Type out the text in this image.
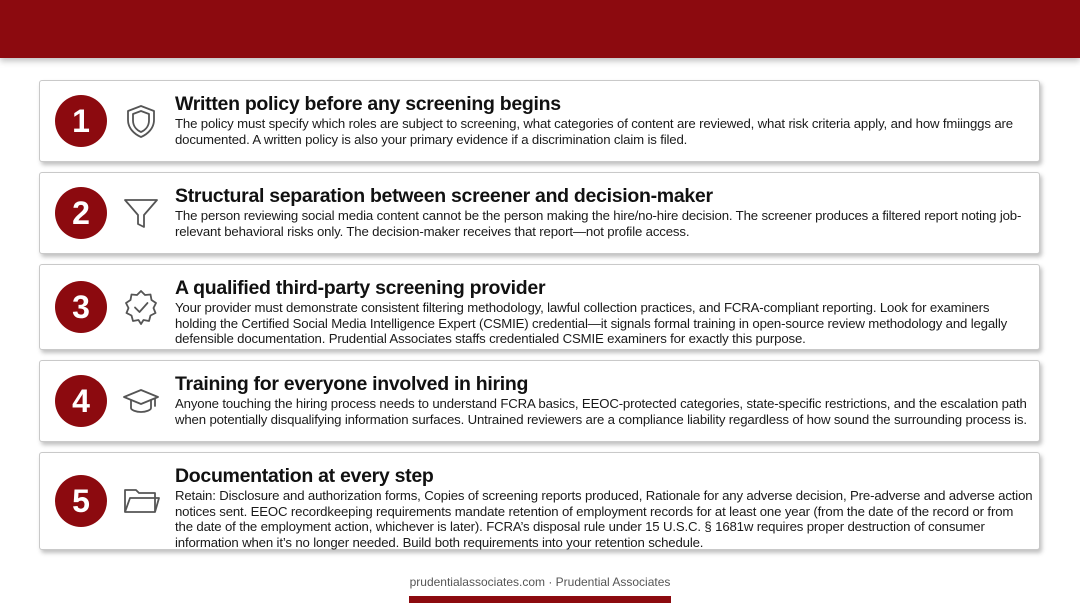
1	Written policy before any screening begins
The policy must specify which roles are subject to screening, what categories of content are reviewed, what risk criteria apply, and how fmiinggs are documented. A written policy is also your primary evidence if a discrimination claim is filed.
2	Structural separation between screener and decision-maker
The person reviewing social media content cannot be the person making the hire/no-hire decision. The screener produces a filtered report noting job-relevant behavioral risks only. The decision-maker receives that report—not profile access.
3
A qualified third-party screening provider
Your provider must demonstrate consistent filtering methodology, lawful collection practices, and FCRA-compliant reporting. Look for examiners holding the Certified Social Media Intelligence Expert (CSMIE) credential—it signals formal training in open-source review methodology and legally defensible documentation. Prudential Associates staffs credentialed CSMIE examiners for exactly this purpose.
4	Training for everyone involved in hiring
Anyone touching the hiring process needs to understand FCRA basics, EEOC-protected categories, state-specific restrictions, and the escalation path when potentially disqualifying information surfaces. Untrained reviewers are a compliance liability regardless of how sound the surrounding process is.
5
Documentation at every step
Retain: Disclosure and authorization forms, Copies of screening reports produced, Rationale for any adverse decision, Pre-adverse and adverse action notices sent. EEOC recordkeeping requirements mandate retention of employment records for at least one year (from the date of the record or from the date of the employment action, whichever is later). FCRA’s disposal rule under 15 U.S.C. § 1681w requires proper destruction of consumer information when it’s no longer needed. Build both requirements into your retention schedule.
prudentialassociates.com · Prudential Associates
